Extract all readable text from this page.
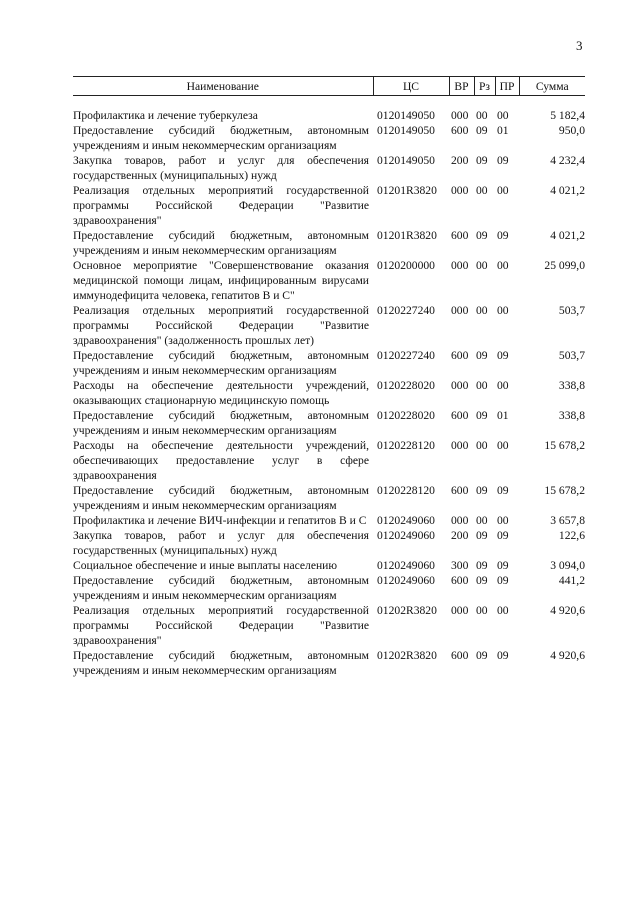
3
Наименование	ЦС	ВР	Рз	ПР	Сумма
Профилактика и лечение туберкулеза	0120149050	000	00	00	5 182,4
Предоставление субсидий бюджетным, автономным учреждениям и иным некоммерческим организациям	0120149050	600	09	01	950,0
Закупка товаров, работ и услуг для обеспечения государственных (муниципальных) нужд	0120149050	200	09	09	4 232,4
Реализация отдельных мероприятий государственной программы Российской Федерации "Развитие здравоохранения"	01201R3820	000	00	00	4 021,2
Предоставление субсидий бюджетным, автономным учреждениям и иным некоммерческим организациям	01201R3820	600	09	09	4 021,2
Основное мероприятие "Совершенствование оказания медицинской помощи лицам, инфицированным вирусами иммунодефицита человека, гепатитов В и С"	0120200000	000	00	00	25 099,0
Реализация отдельных мероприятий государственной программы Российской Федерации "Развитие здравоохранения" (задолженность прошлых лет)	0120227240	000	00	00	503,7
Предоставление субсидий бюджетным, автономным учреждениям и иным некоммерческим организациям	0120227240	600	09	09	503,7
Расходы на обеспечение деятельности учреждений, оказывающих стационарную медицинскую помощь	0120228020	000	00	00	338,8
Предоставление субсидий бюджетным, автономным учреждениям и иным некоммерческим организациям	0120228020	600	09	01	338,8
Расходы на обеспечение деятельности учреждений, обеспечивающих предоставление услуг в сфере здравоохранения	0120228120	000	00	00	15 678,2
Предоставление субсидий бюджетным, автономным учреждениям и иным некоммерческим организациям	0120228120	600	09	09	15 678,2
Профилактика и лечение ВИЧ-инфекции и гепатитов В и С	0120249060	000	00	00	3 657,8
Закупка товаров, работ и услуг для обеспечения государственных (муниципальных) нужд	0120249060	200	09	09	122,6
Социальное обеспечение и иные выплаты населению	0120249060	300	09	09	3 094,0
Предоставление субсидий бюджетным, автономным учреждениям и иным некоммерческим организациям	0120249060	600	09	09	441,2
Реализация отдельных мероприятий государственной программы Российской Федерации "Развитие здравоохранения"	01202R3820	000	00	00	4 920,6
Предоставление субсидий бюджетным, автономным учреждениям и иным некоммерческим организациям	01202R3820	600	09	09	4 920,6
